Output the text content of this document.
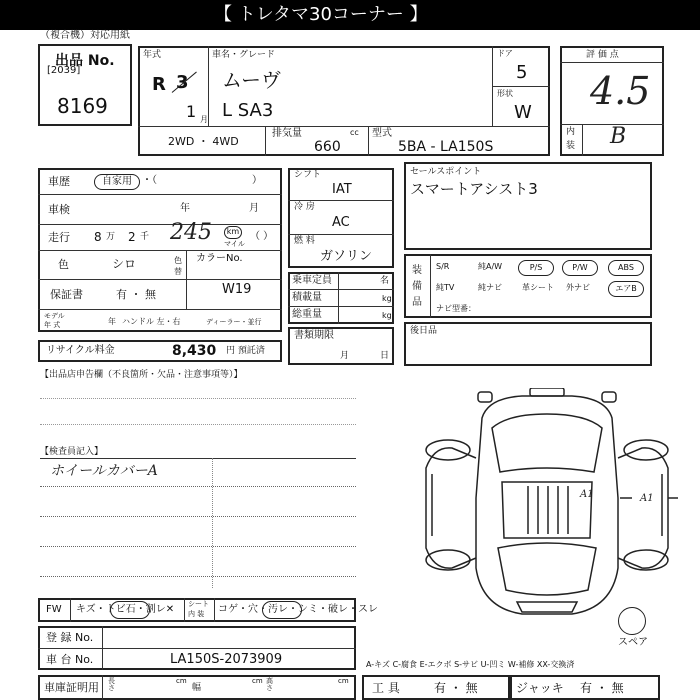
【 トレタマ30コーナー 】
（複合機）対応用紙
出品 No.
[2039]
8169
年式
R 3
1 月
車名・グレード
ムーヴ
L SA3
ドア
5
形状
W
2WD ・ 4WD
排気量	cc
660
型式
5BA - LA150S
評 価 点
4.5
内
装 B
車歴	自家用	・（	）
車検	年	月
走行 8 万 2 千 245	km
マイル
（ ）
色	シロ	色替
カラーNo.
W19
保証書	有 ・ 無
モデル
年 式	年 ハンドル 左・右	ディーラー・並行
リサイクル料金	8,430 円 預託済
【出品店申告欄（不良箇所・欠品・注意事項等）】
シフト
IAT
冷 房
AC
燃 料
ガソリン
乗車定員	名
積載量	kg
総重量	kg
書類期限
月	日
セールスポイント
スマートアシスト3
装
備
品
ナビ型番：
後日品
【検査員記入】
ホイールカバーA
FW キズ・トビ石・割レ✕ シート
内 装 コゲ・穴・汚レ・シミ・破レ・スレ
登 録 No.
車 台 No.	LA150S-2073909
車庫証明用 長さ
cm
幅
cm 高さ
cm
A1
A1
スペア
A-キズ C-腐食 E-エクボ S-サビ U-凹ミ W-補修 XX-交換済
工 具	有 ・ 無	ジャッキ 有 ・ 無
S/R	純A/W	P/S	P/W	ABS
純TV	純ナビ	革シート 外ナビ	エアB
